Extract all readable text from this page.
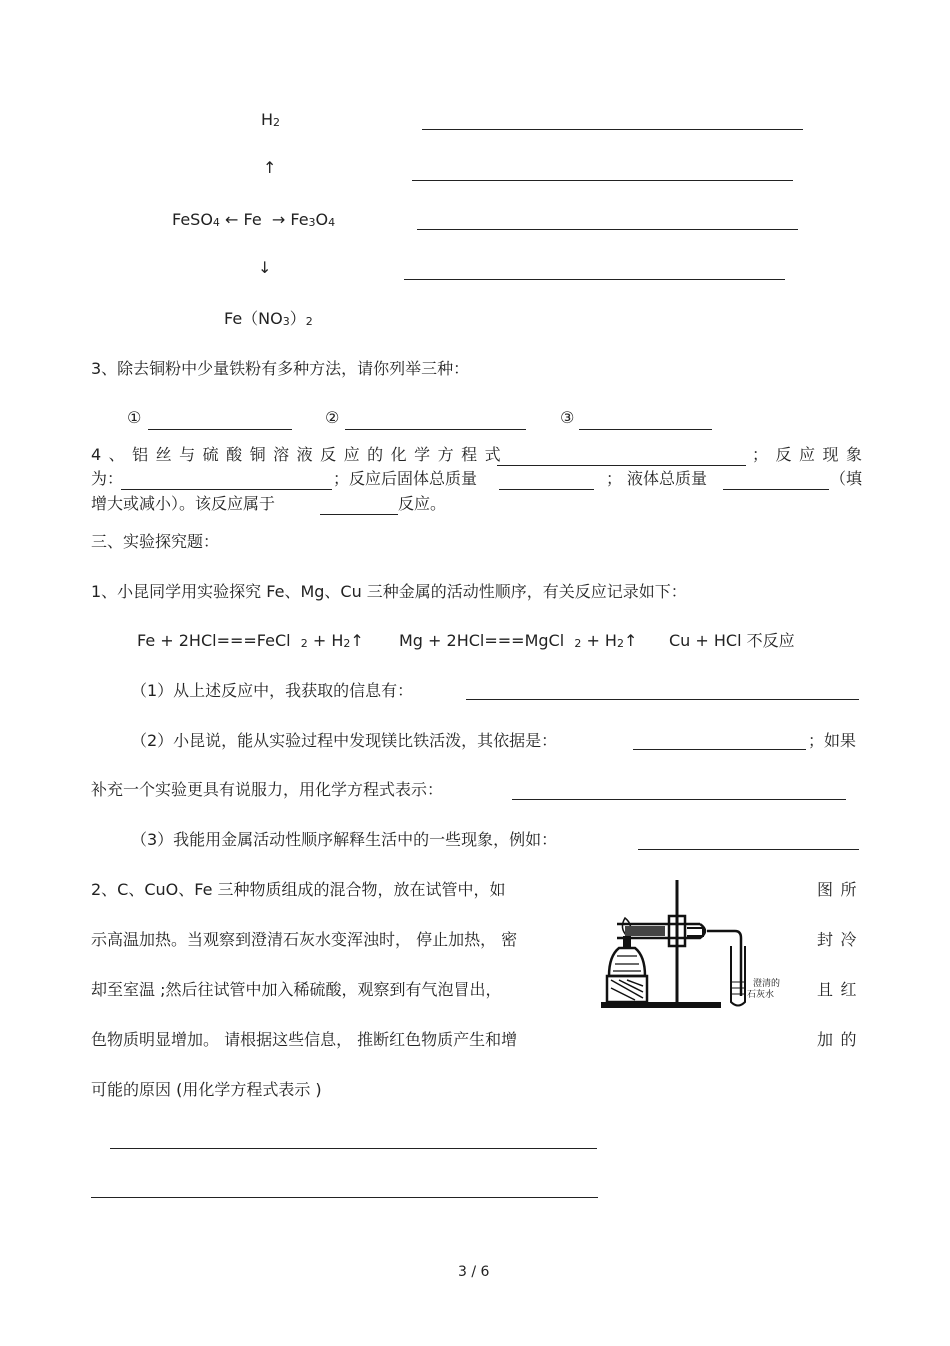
H2
↑
FeSO4 ← Fe → Fe3O4
↓
Fe（NO3）2
3、除去铜粉中少量铁粉有多种方法，请你列举三种：
①	②	③
4、铝丝与硫酸铜溶液反应的化学方程式	；反应现象
为：	；反应后固体总质量	； 液体总质量	（填
增大或减小）。该反应属于	反应。
三、实验探究题：
1、小昆同学用实验探究 Fe、Mg、Cu 三种金属的活动性顺序，有关反应记录如下：
Fe + 2HCl===FeCl 2 + H2↑ Mg + 2HCl===MgCl 2 + H2↑ Cu + HCl 不反应
（1）从上述反应中，我获取的信息有：
（2）小昆说，能从实验过程中发现镁比铁活泼，其依据是：	；如果
补充一个实验更具有说服力，用化学方程式表示：
（3）我能用金属活动性顺序解释生活中的一些现象，例如：
2、C、CuO、Fe 三种物质组成的混合物，放在试管中，如	图所
示高温加热。当观察到澄清石灰水变浑浊时， 停止加热， 密	封冷
却至室温 ;然后往试管中加入稀硫酸，观察到有气泡冒出，	且红
色物质明显增加。 请根据这些信息， 推断红色物质产生和增	加的
可能的原因 (用化学方程式表示 )
澄清的
石灰水
3 / 6
